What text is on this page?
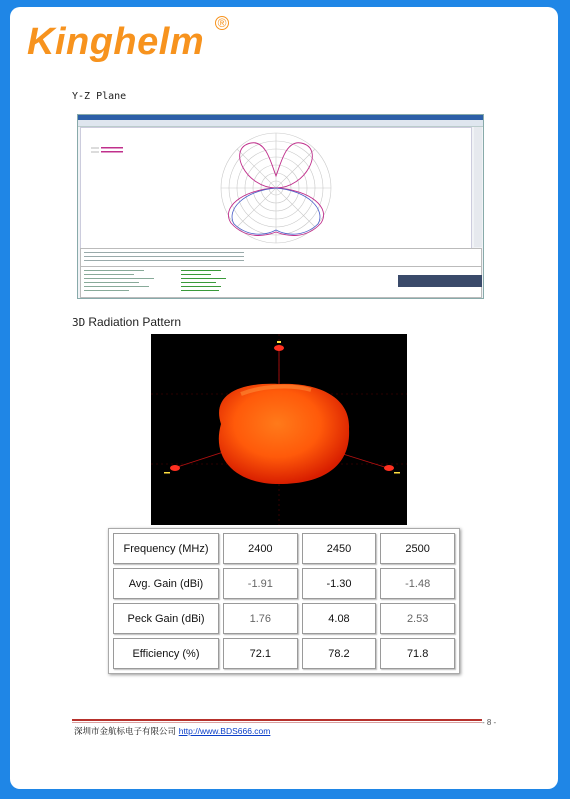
Kinghelm ®
Y-Z Plane
3D Radiation Pattern
Frequency (MHz)	2400	2450	2500
Avg. Gain (dBi)	-1.91	-1.30	-1.48
Peck Gain (dBi)	1.76	4.08	2.53
Efficiency (%)	72.1	78.2	71.8
- 8 -
深圳市金航标电子有限公司 http://www.BDS666.com
